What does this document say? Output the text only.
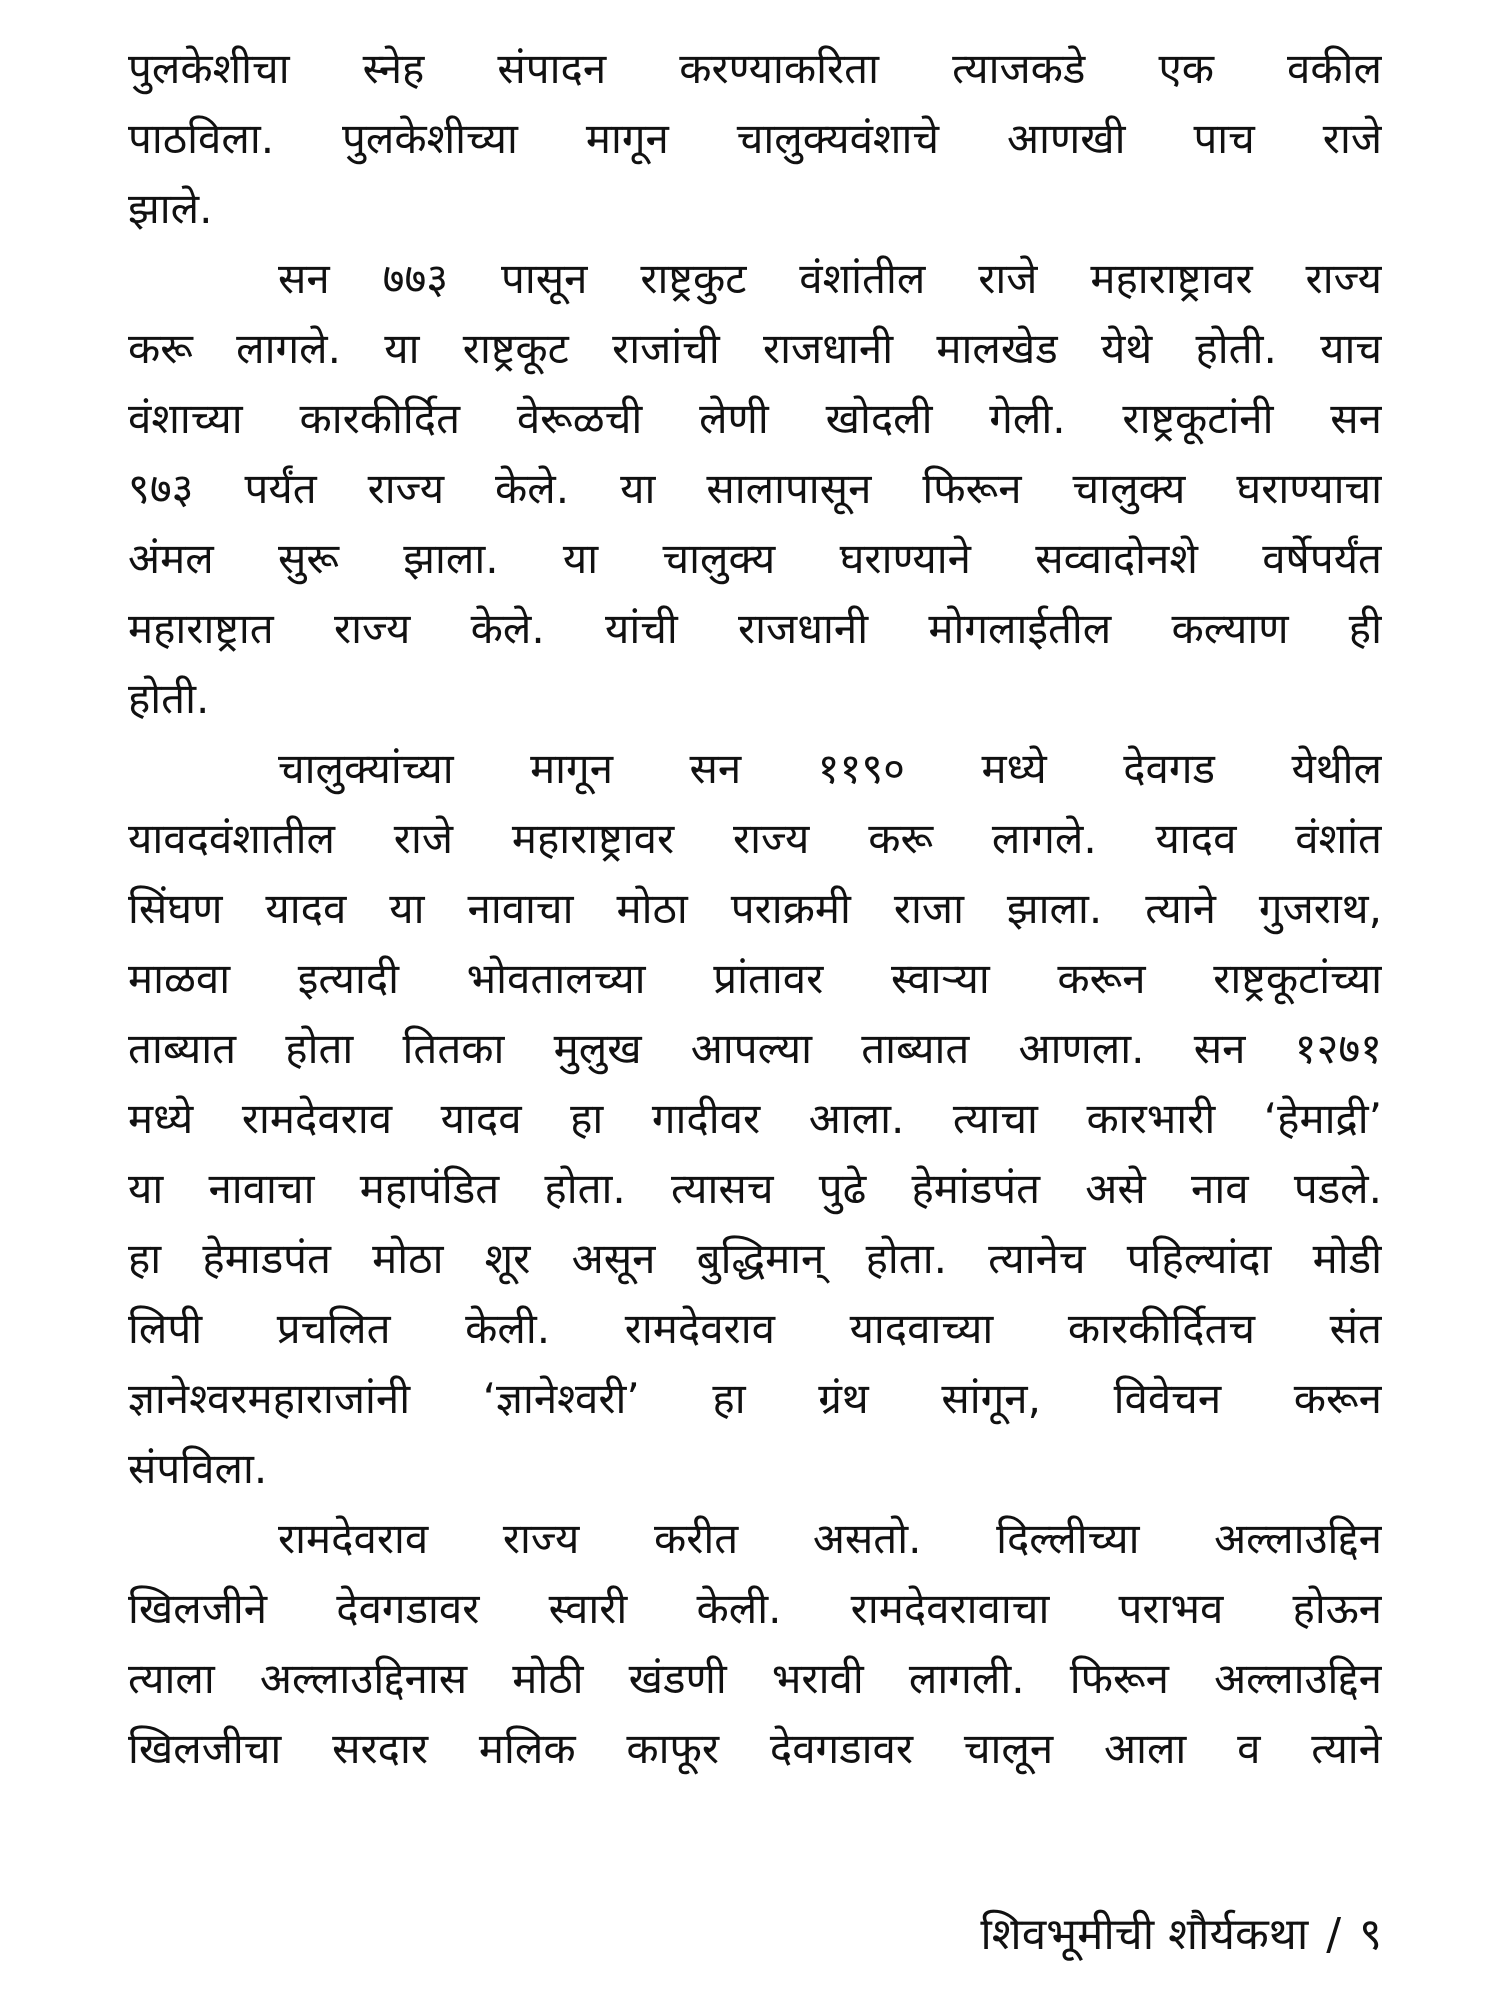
पुलकेशीचा स्नेह संपादन करण्याकरिता त्याजकडे एक वकील
पाठविला. पुलकेशीच्या मागून चालुक्यवंशाचे आणखी पाच राजे
झाले.
सन ७७३ पासून राष्ट्रकुट वंशांतील राजे महाराष्ट्रावर राज्य
करू लागले. या राष्ट्रकूट राजांची राजधानी मालखेड येथे होती. याच
वंशाच्या कारकीर्दित वेरूळची लेणी खोदली गेली. राष्ट्रकूटांनी सन
९७३ पर्यंत राज्य केले. या सालापासून फिरून चालुक्य घराण्याचा
अंमल सुरू झाला. या चालुक्य घराण्याने सव्वादोनशे वर्षेपर्यंत
महाराष्ट्रात राज्य केले. यांची राजधानी मोगलाईतील कल्याण ही
होती.
चालुक्यांच्या मागून सन ११९० मध्ये देवगड येथील
यावदवंशातील राजे महाराष्ट्रावर राज्य करू लागले. यादव वंशांत
सिंघण यादव या नावाचा मोठा पराक्रमी राजा झाला. त्याने गुजराथ,
माळवा इत्यादी भोवतालच्या प्रांतावर स्वाऱ्या करून राष्ट्रकूटांच्या
ताब्यात होता तितका मुलुख आपल्या ताब्यात आणला. सन १२७१
मध्ये रामदेवराव यादव हा गादीवर आला. त्याचा कारभारी ‘हेमाद्री’
या नावाचा महापंडित होता. त्यासच पुढे हेमांडपंत असे नाव पडले.
हा हेमाडपंत मोठा शूर असून बुद्धिमान् होता. त्यानेच पहिल्यांदा मोडी
लिपी प्रचलित केली. रामदेवराव यादवाच्या कारकीर्दितच संत
ज्ञानेश्वरमहाराजांनी ‘ज्ञानेश्वरी’ हा ग्रंथ सांगून, विवेचन करून
संपविला.
रामदेवराव राज्य करीत असतो. दिल्लीच्या अल्लाउद्दिन
खिलजीने देवगडावर स्वारी केली. रामदेवरावाचा पराभव होऊन
त्याला अल्लाउद्दिनास मोठी खंडणी भरावी लागली. फिरून अल्लाउद्दिन
खिलजीचा सरदार मलिक काफूर देवगडावर चालून आला व त्याने
शिवभूमीची शौर्यकथा / ९
